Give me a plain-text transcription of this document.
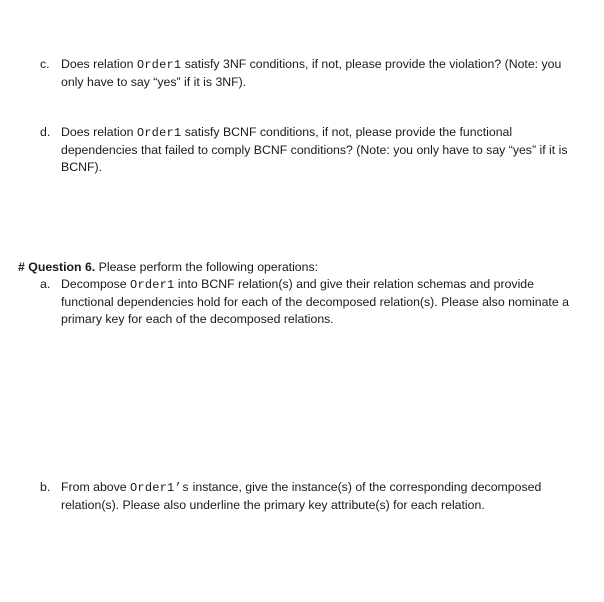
c. Does relation Order1 satisfy 3NF conditions, if not, please provide the violation? (Note: you only have to say “yes” if it is 3NF).
d. Does relation Order1 satisfy BCNF conditions, if not, please provide the functional dependencies that failed to comply BCNF conditions? (Note: you only have to say “yes” if it is BCNF).
# Question 6. Please perform the following operations:
a. Decompose Order1 into BCNF relation(s) and give their relation schemas and provide functional dependencies hold for each of the decomposed relation(s). Please also nominate a primary key for each of the decomposed relations.
b. From above Order1’s instance, give the instance(s) of the corresponding decomposed relation(s). Please also underline the primary key attribute(s) for each relation.
